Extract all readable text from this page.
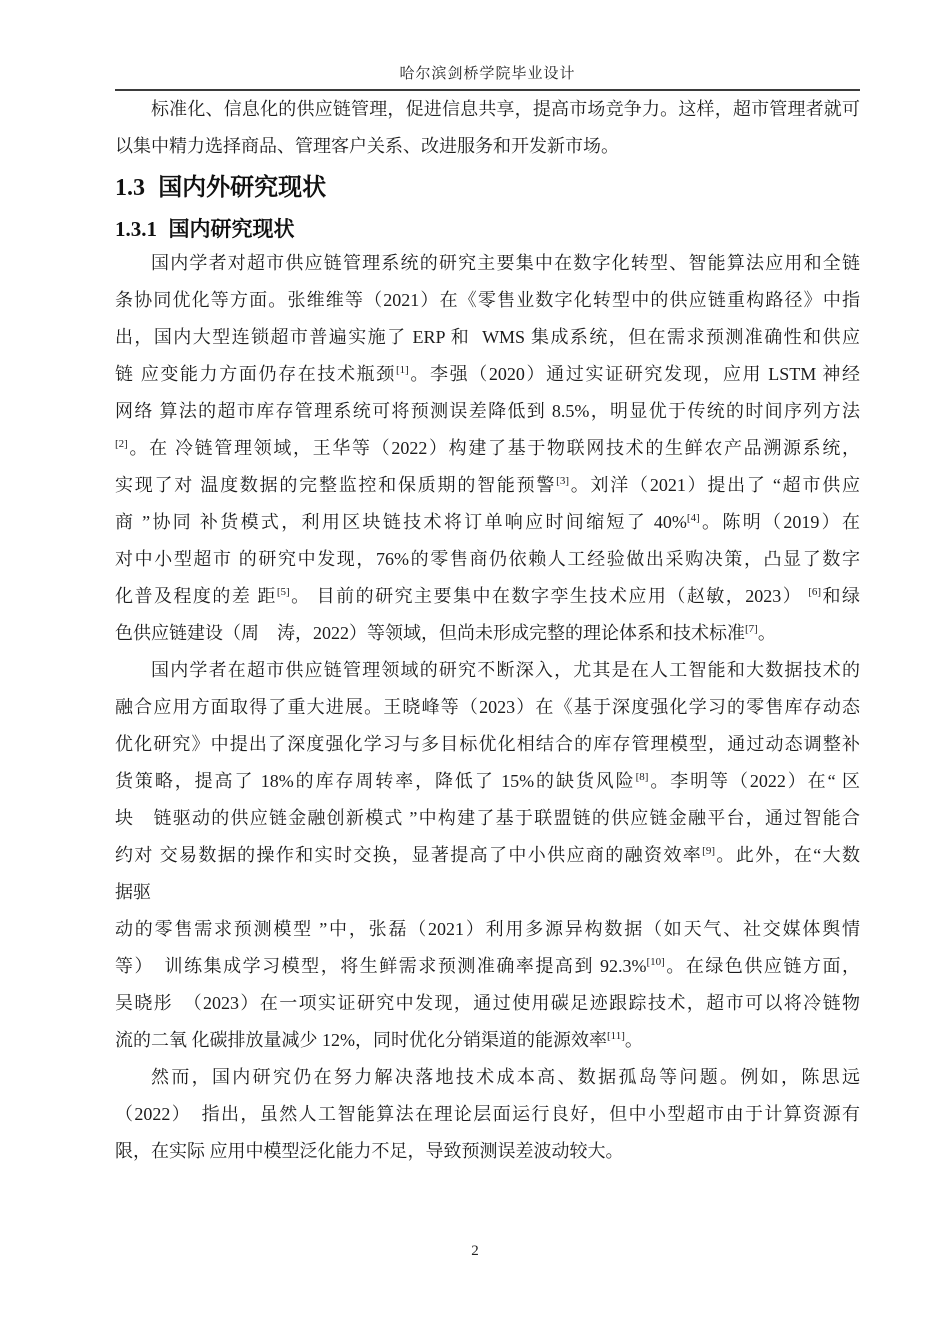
哈尔滨剑桥学院毕业设计
标准化、信息化的供应链管理，促进信息共享，提高市场竞争力。这样，超市管理者就可
以集中精力选择商品、管理客户关系、改进服务和开发新市场。
1.3 国内外研究现状
1.3.1 国内研究现状
国内学者对超市供应链管理系统的研究主要集中在数字化转型、智能算法应用和全链
条协同优化等方面。张维维等（2021）在《零售业数字化转型中的供应链重构路径》中指
出，国内大型连锁超市普遍实施了 ERP 和  WMS 集成系统，但在需求预测准确性和供应
链 应变能力方面仍存在技术瓶颈[1]。李强（2020）通过实证研究发现，应用 LSTM 神经
网络 算法的超市库存管理系统可将预测误差降低到 8.5%，明显优于传统的时间序列方法
[2]。在 冷链管理领域，王华等（2022）构建了基于物联网技术的生鲜农产品溯源系统，
实现了对 温度数据的完整监控和保质期的智能预警[3]。刘洋（2021）提出了 “超市供应
商 ”协同 补货模式，利用区块链技术将订单响应时间缩短了 40%[4]。陈明（2019）在
对中小型超市 的研究中发现，76%的零售商仍依赖人工经验做出采购决策，凸显了数字
化普及程度的差 距[5]。 目前的研究主要集中在数字孪生技术应用（赵敏，2023） [6]和绿
色供应链建设（周　涛，2022）等领域，但尚未形成完整的理论体系和技术标准[7]。
国内学者在超市供应链管理领域的研究不断深入，尤其是在人工智能和大数据技术的
融合应用方面取得了重大进展。王晓峰等（2023）在《基于深度强化学习的零售库存动态
优化研究》中提出了深度强化学习与多目标优化相结合的库存管理模型，通过动态调整补
货策略，提高了 18%的库存周转率，降低了 15%的缺货风险[8]。李明等（2022）在“ 区
块　链驱动的供应链金融创新模式 ”中构建了基于联盟链的供应链金融平台，通过智能合
约对 交易数据的操作和实时交换，显著提高了中小供应商的融资效率[9]。此外，在“大数
据驱
动的零售需求预测模型 ”中，张磊（2021）利用多源异构数据（如天气、社交媒体舆情
等）　训练集成学习模型，将生鲜需求预测准确率提高到 92.3%[10]。在绿色供应链方面，
吴晓彤　（2023）在一项实证研究中发现，通过使用碳足迹跟踪技术，超市可以将冷链物
流的二氧 化碳排放量减少 12%，同时优化分销渠道的能源效率[11]。
然而，国内研究仍在努力解决落地技术成本高、数据孤岛等问题。例如，陈思远
（2022）　指出，虽然人工智能算法在理论层面运行良好，但中小型超市由于计算资源有
限，在实际 应用中模型泛化能力不足，导致预测误差波动较大。
2
